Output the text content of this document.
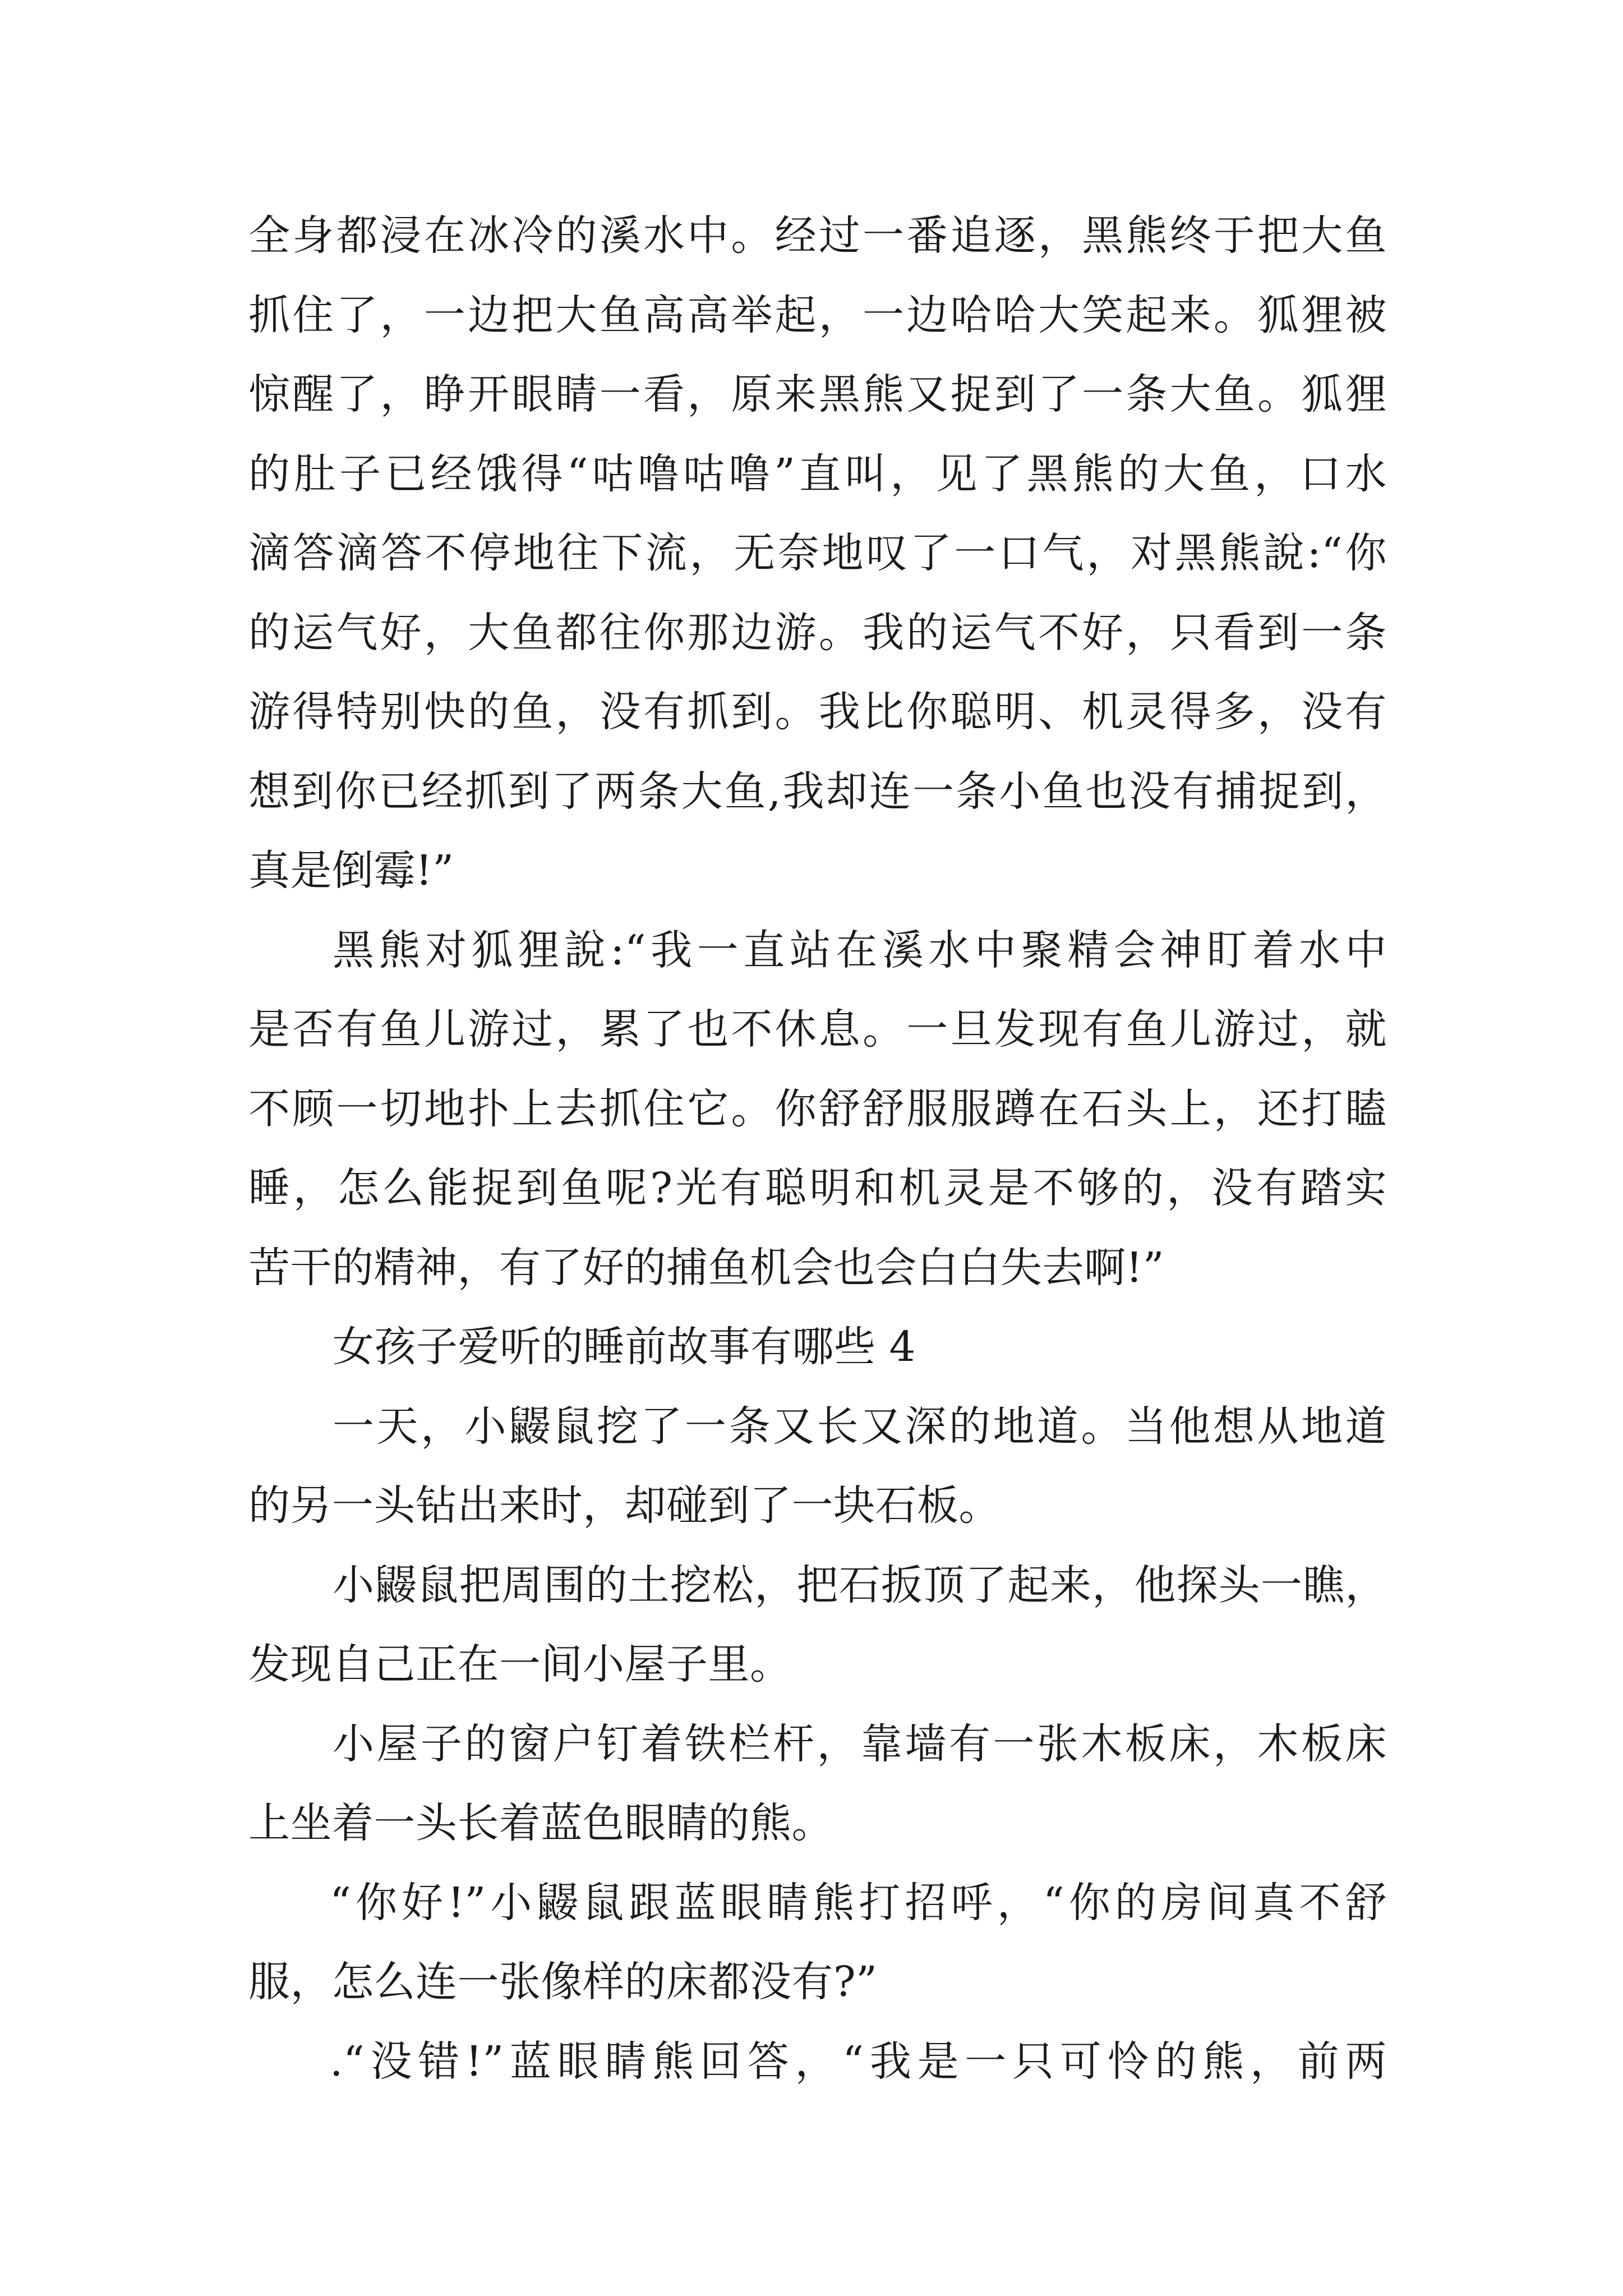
全身都浸在冰冷的溪水中。经过一番追逐，黑熊终于把大鱼
抓住了，一边把大鱼高高举起，一边哈哈大笑起来。狐狸被
惊醒了，睁开眼睛一看，原来黑熊又捉到了一条大鱼。狐狸
的肚子已经饿得“咕噜咕噜”直叫，见了黑熊的大鱼，口水
滴答滴答不停地往下流，无奈地叹了一口气，对黑熊說:“你
的运气好，大鱼都往你那边游。我的运气不好，只看到一条
游得特别快的鱼，没有抓到。我比你聪明、机灵得多，没有
想到你已经抓到了两条大鱼,我却连一条小鱼也没有捕捉到，
真是倒霉!”
黑熊对狐狸說:“我一直站在溪水中聚精会神盯着水中
是否有鱼儿游过，累了也不休息。一旦发现有鱼儿游过，就
不顾一切地扑上去抓住它。你舒舒服服蹲在石头上，还打瞌
睡，怎么能捉到鱼呢?光有聪明和机灵是不够的，没有踏实
苦干的精神，有了好的捕鱼机会也会白白失去啊!”
女孩子爱听的睡前故事有哪些 4
一天，小鼹鼠挖了一条又长又深的地道。当他想从地道
的另一头钻出来时，却碰到了一块石板。
小鼹鼠把周围的土挖松，把石扳顶了起来，他探头一瞧，
发现自己正在一间小屋子里。
小屋子的窗户钉着铁栏杆，靠墙有一张木板床，木板床
上坐着一头长着蓝色眼睛的熊。
“你好!”小鼹鼠跟蓝眼睛熊打招呼，“你的房间真不舒
服，怎么连一张像样的床都没有?”
.“没错!”蓝眼睛熊回答，“我是一只可怜的熊，前两
